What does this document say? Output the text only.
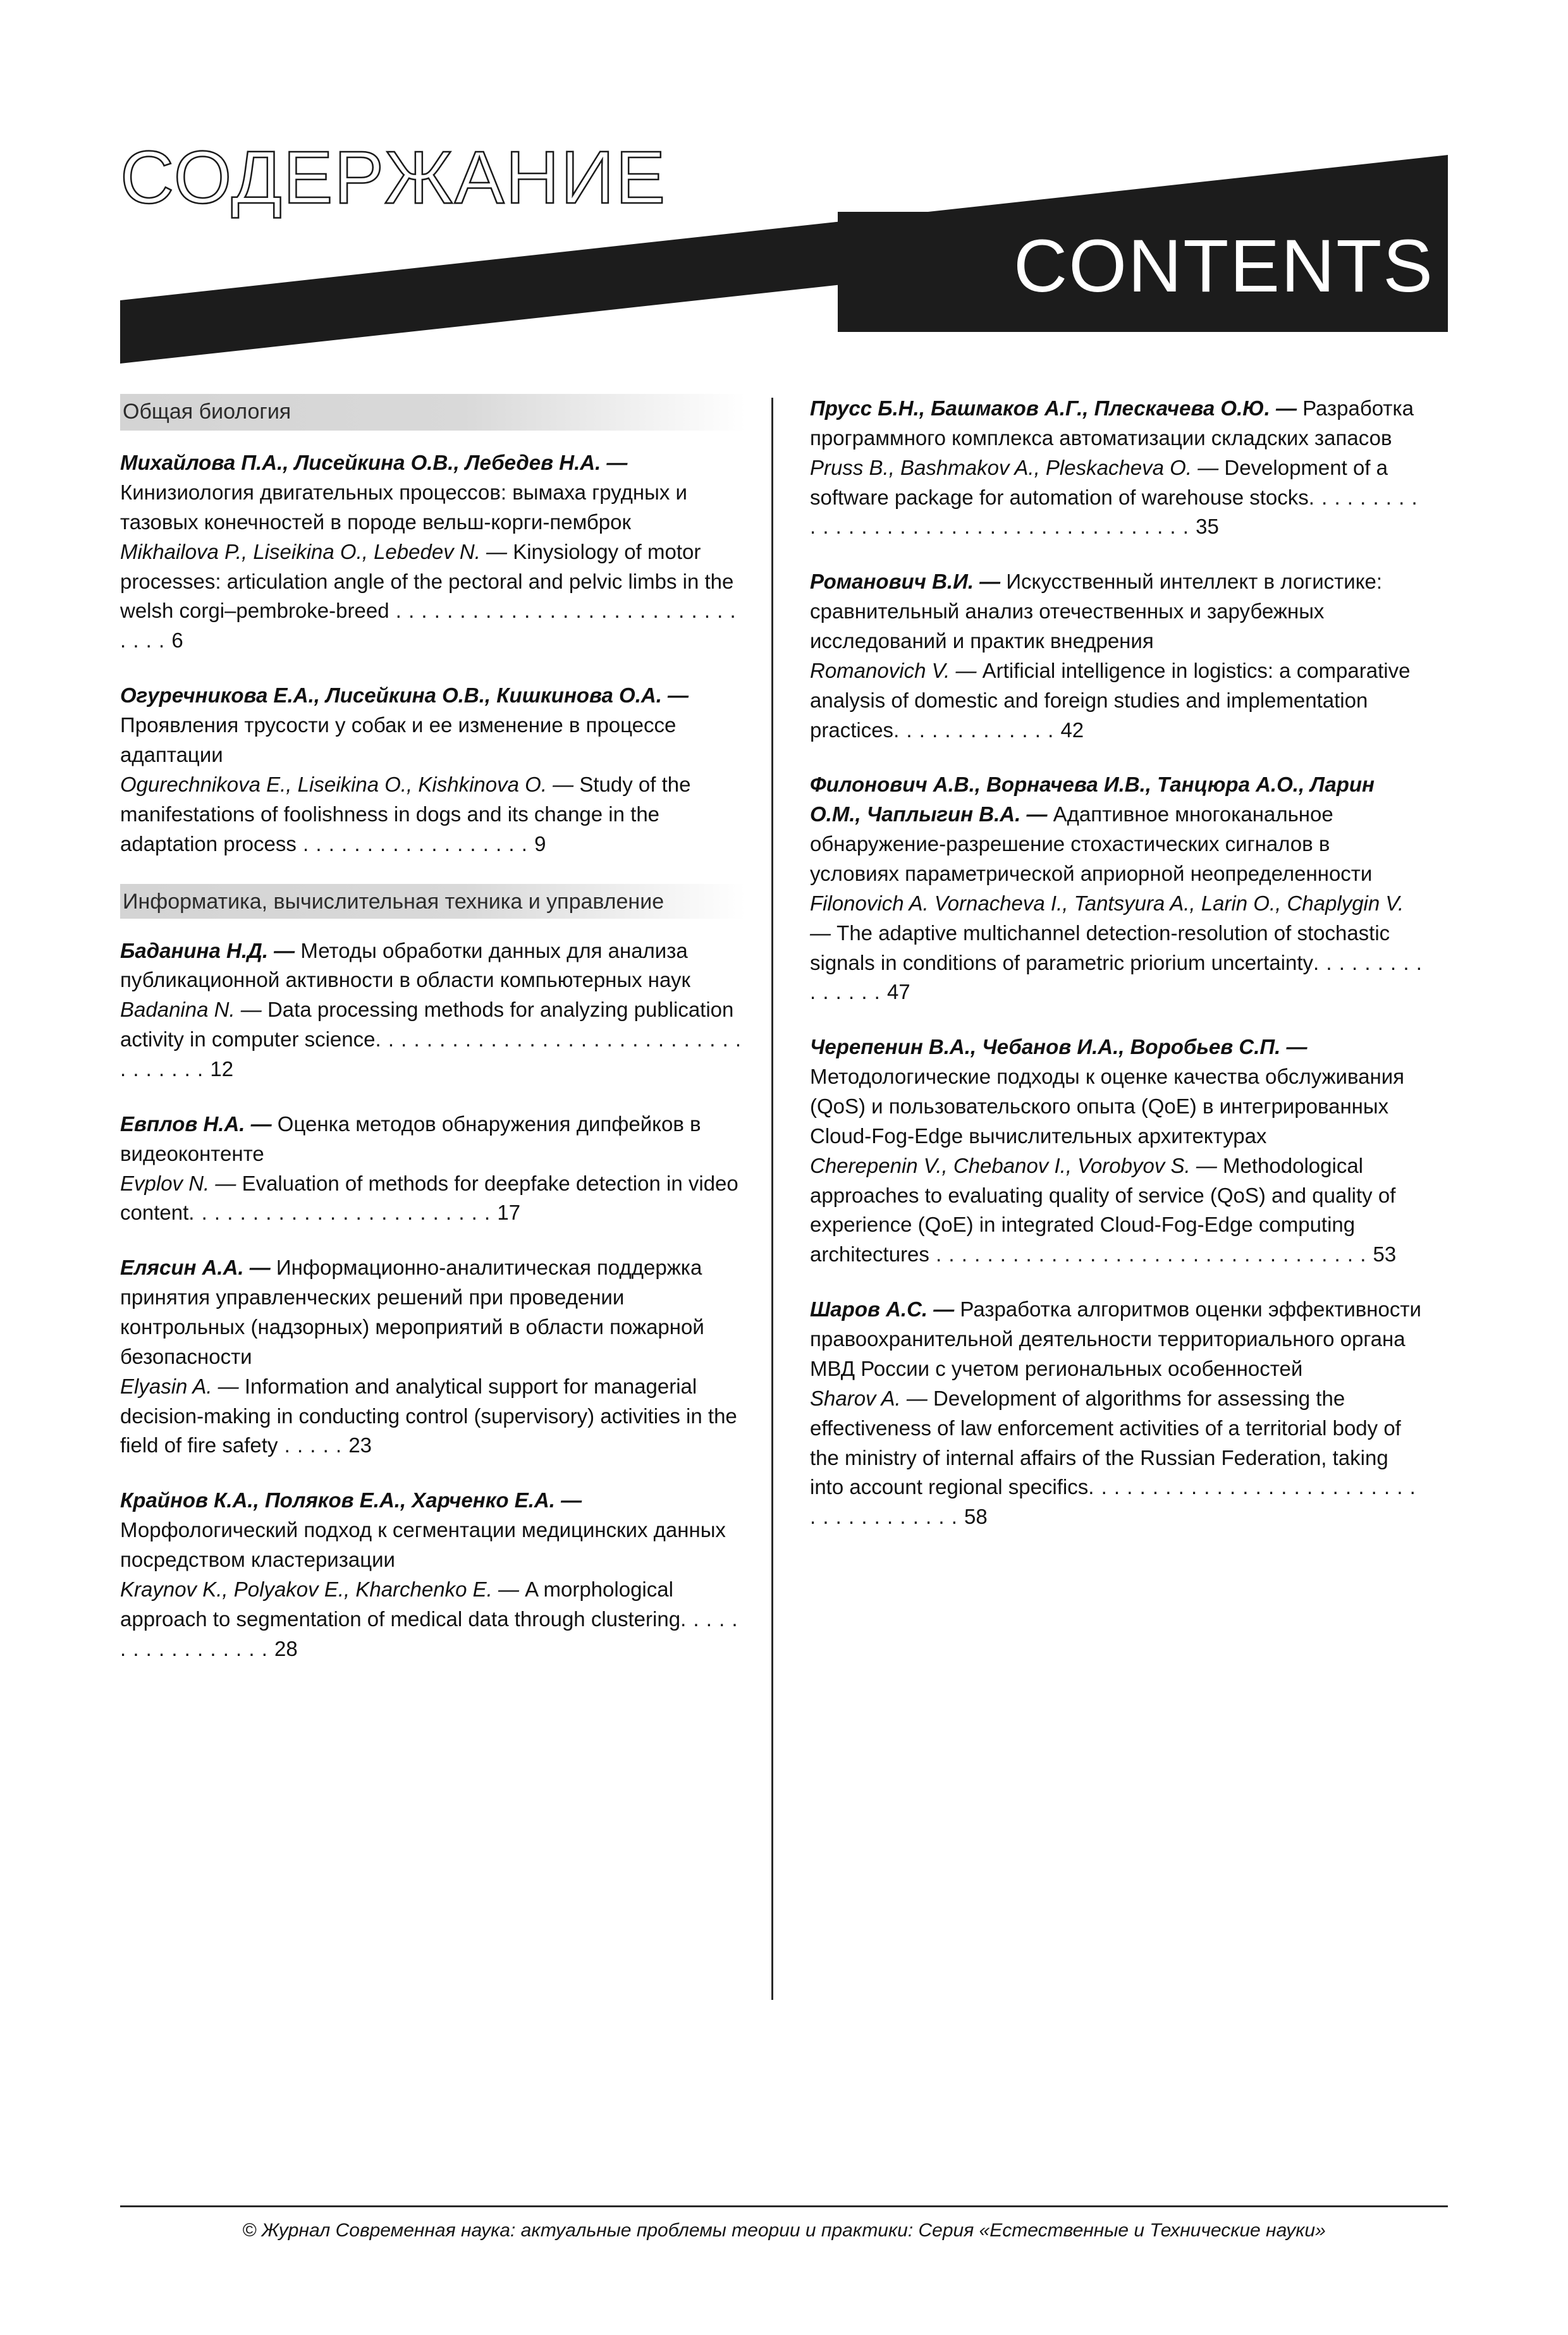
СОДЕРЖАНИЕ
CONTENTS
Общая биология

Михайлова П.А., Лисейкина О.В., Лебедев Н.А. — Кинизиология двигательных процессов: вымаха грудных и тазовых конечностей в породе вельш-корги-пемброк

Mikhailova P., Liseikina O., Lebedev N. — Kinysiology of motor processes: articulation angle of the pectoral and pelvic limbs in the welsh corgi–pembroke-breed . . . . . . . . . . . . . . . . . . . . . . . . . . . . . . . 6

Огуречникова Е.А., Лисейкина О.В., Кишкинова О.А. — Проявления трусости у собак и ее изменение в процессе адаптации

Ogurechnikova E., Liseikina O., Kishkinova O. — Study of the manifestations of foolishness in dogs and its change in the adaptation process . . . . . . . . . . . . . . . . . . 9

Информатика, вычислительная техника и управление

Баданина Н.Д. — Методы обработки данных для анализа публикационной активности в области компьютерных наук

Badanina N. — Data processing methods for analyzing publication activity in computer science. . . . . . . . . . . . . . . . . . . . . . . . . . . . . . . . . . . . 12

Евплов Н.А. — Оценка методов обнаружения дипфейков в видеоконтенте

Evplov N. — Evaluation of methods for deepfake detection in video content. . . . . . . . . . . . . . . . . . . . . . . . 17

Елясин А.А. — Информационно-аналитическая поддержка принятия управленческих решений при проведении контрольных (надзорных) мероприятий в области пожарной безопасности

Elyasin A. — Information and analytical support for managerial decision-making in conducting control (supervisory) activities in the field of fire safety . . . . . 23

Крайнов К.А., Поляков Е.А., Харченко Е.А. — Морфологический подход к сегментации медицинских данных посредством кластеризации

Kraynov K., Polyakov E., Kharchenko E. — A morphological approach to segmentation of medical data through clustering. . . . . . . . . . . . . . . . . 28

Прусс Б.Н., Башмаков А.Г., Плескачева О.Ю. — Разработка программного комплекса автоматизации складских запасов

Pruss B., Bashmakov A., Pleskacheva O. — Development of a software package for automation of warehouse stocks. . . . . . . . . . . . . . . . . . . . . . . . . . . . . . . . . . . . . . . 35

Романович В.И. — Искусственный интеллект в логистике: сравнительный анализ отечественных и зарубежных исследований и практик внедрения

Romanovich V. — Artificial intelligence in logistics: a comparative analysis of domestic and foreign studies and implementation practices. . . . . . . . . . . . . 42

Филонович А.В., Ворначева И.В., Танцюра А.О., Ларин О.М., Чаплыгин В.А. — Адаптивное многоканальное обнаружение-разрешение стохастических сигналов в условиях параметрической априорной неопределенности

Filonovich A. Vornacheva I., Tantsyura A., Larin O., Chaplygin V. — The adaptive multichannel detection-resolution of stochastic signals in conditions of parametric priorium uncertainty. . . . . . . . . . . . . . . 47

Черепенин В.А., Чебанов И.А., Воробьев С.П. — Методологические подходы к оценке качества обслуживания (QoS) и пользовательского опыта (QoE) в интегрированных Cloud-Fog-Edge вычислительных архитектурах

Cherepenin V., Chebanov I., Vorobyov S. — Methodological approaches to evaluating quality of service (QoS) and quality of experience (QoE) in integrated Cloud-Fog-Edge computing architectures . . . . . . . . . . . . . . . . . . . . . . . . . . . . . . . . . . 53

Шаров А.С. — Разработка алгоритмов оценки эффективности правоохранительной деятельности территориального органа МВД России с учетом региональных особенностей

Sharov A. — Development of algorithms for assessing the effectiveness of law enforcement activities of a territorial body of the ministry of internal affairs of the Russian Federation, taking into account regional specifics. . . . . . . . . . . . . . . . . . . . . . . . . . . . . . . . . . . . . . 58

© Журнал Современная наука: актуальные проблемы теории и практики: Серия «Естественные и Технические науки»
